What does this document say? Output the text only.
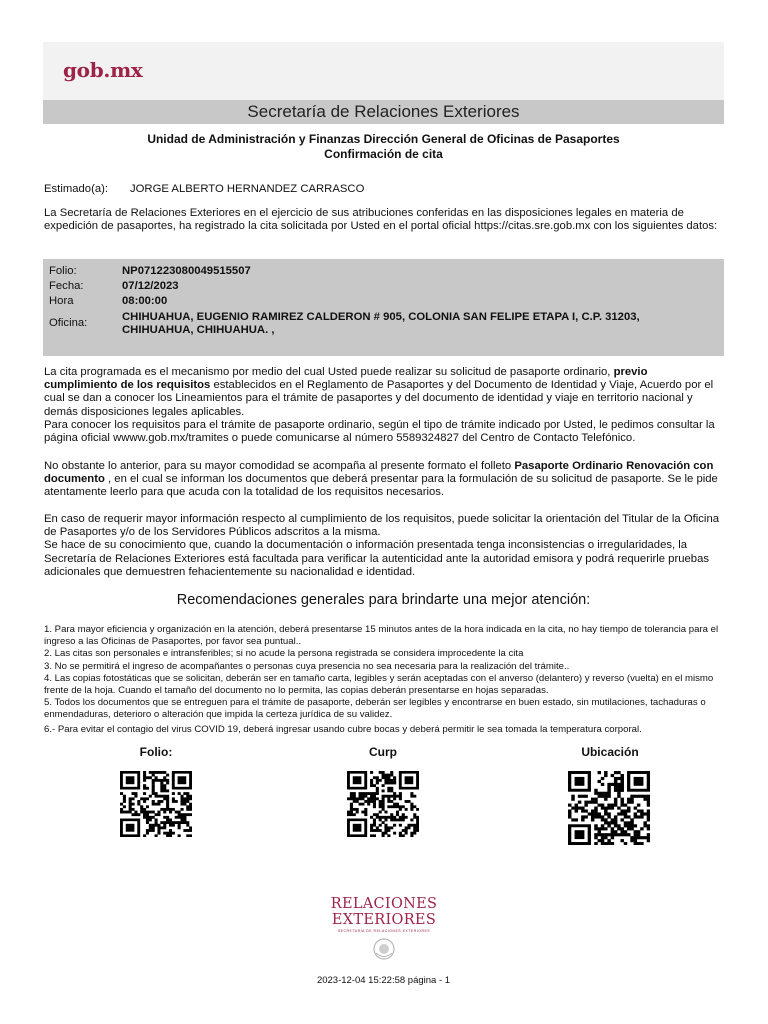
gob.mx
Secretaría de Relaciones Exteriores
Unidad de Administración y Finanzas Dirección General de Oficinas de Pasaportes
Confirmación de cita
Estimado(a): JORGE ALBERTO HERNANDEZ CARRASCO
La Secretaría de Relaciones Exteriores en el ejercicio de sus atribuciones conferidas en las disposiciones legales en materia de expedición de pasaportes, ha registrado la cita solicitada por Usted en el portal oficial https://citas.sre.gob.mx con los siguientes datos:
Folio:	NP071223080049515507
Fecha:	07/12/2023
Hora	08:00:00
Oficina:	CHIHUAHUA, EUGENIO RAMIREZ CALDERON # 905, COLONIA SAN FELIPE ETAPA I, C.P. 31203, CHIHUAHUA, CHIHUAHUA. ,
La cita programada es el mecanismo por medio del cual Usted puede realizar su solicitud de pasaporte ordinario, previo cumplimiento de los requisitos establecidos en el Reglamento de Pasaportes y del Documento de Identidad y Viaje, Acuerdo por el cual se dan a conocer los Lineamientos para el trámite de pasaportes y del documento de identidad y viaje en territorio nacional y demás disposiciones legales aplicables.
Para conocer los requisitos para el trámite de pasaporte ordinario, según el tipo de trámite indicado por Usted, le pedimos consultar la página oficial wwww.gob.mx/tramites o puede comunicarse al número 5589324827 del Centro de Contacto Telefónico.
No obstante lo anterior, para su mayor comodidad se acompaña al presente formato el folleto Pasaporte Ordinario Renovación con documento , en el cual se informan los documentos que deberá presentar para la formulación de su solicitud de pasaporte. Se le pide atentamente leerlo para que acuda con la totalidad de los requisitos necesarios.
En caso de requerir mayor información respecto al cumplimiento de los requisitos, puede solicitar la orientación del Titular de la Oficina de Pasaportes y/o de los Servidores Públicos adscritos a la misma.
Se hace de su conocimiento que, cuando la documentación o información presentada tenga inconsistencias o irregularidades, la Secretaría de Relaciones Exteriores está facultada para verificar la autenticidad ante la autoridad emisora y podrá requerirle pruebas adicionales que demuestren fehacientemente su nacionalidad e identidad.
Recomendaciones generales para brindarte una mejor atención:
1. Para mayor eficiencia y organización en la atención, deberá presentarse 15 minutos antes de la hora indicada en la cita, no hay tiempo de tolerancia para el ingreso a las Oficinas de Pasaportes, por favor sea puntual..
2. Las citas son personales e intransferibles; si no acude la persona registrada se considera improcedente la cita
3. No se permitirá el ingreso de acompañantes o personas cuya presencia no sea necesaria para la realización del trámite..
4. Las copias fotostáticas que se solicitan, deberán ser en tamaño carta, legibles y serán aceptadas con el anverso (delantero) y reverso (vuelta) en el mismo frente de la hoja. Cuando el tamaño del documento no lo permita, las copias deberán presentarse en hojas separadas.
5. Todos los documentos que se entreguen para el trámite de pasaporte, deberán ser legibles y encontrarse en buen estado, sin mutilaciones, tachaduras o enmendaduras, deterioro o alteración que impida la certeza jurídica de su validez.
6.- Para evitar el contagio del virus COVID 19, deberá ingresar usando cubre bocas y deberá permitir le sea tomada la temperatura corporal.
Folio:	Curp	Ubicación
RELACIONES
EXTERIORES
SECRETARÍA DE RELACIONES EXTERIORES
2023-12-04 15:22:58 página - 1
